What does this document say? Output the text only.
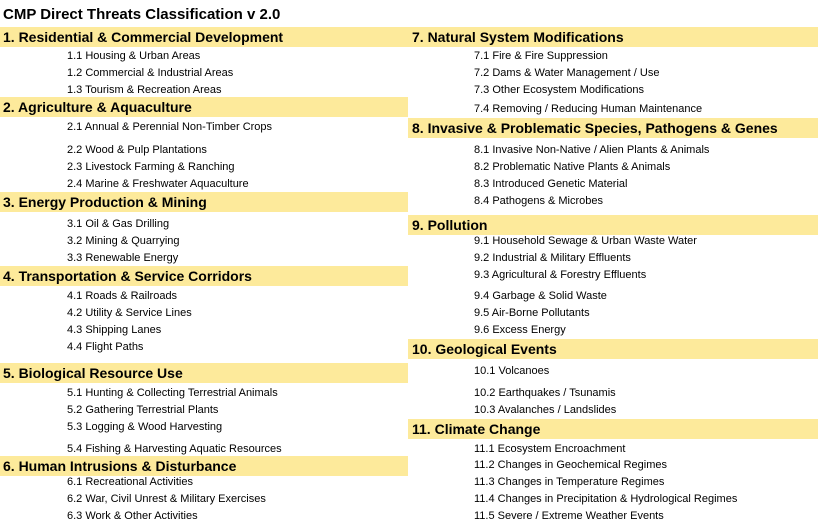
CMP Direct Threats Classification v 2.0
1. Residential & Commercial Development
1.1 Housing & Urban Areas
1.2 Commercial & Industrial Areas
1.3 Tourism & Recreation Areas
2. Agriculture & Aquaculture
2.1 Annual & Perennial Non-Timber Crops
2.2 Wood & Pulp Plantations
2.3 Livestock Farming & Ranching
2.4 Marine & Freshwater Aquaculture
3. Energy Production & Mining
3.1 Oil & Gas Drilling
3.2 Mining & Quarrying
3.3 Renewable Energy
4. Transportation & Service Corridors
4.1 Roads & Railroads
4.2 Utility & Service Lines
4.3 Shipping Lanes
4.4 Flight Paths
5. Biological Resource Use
5.1 Hunting & Collecting Terrestrial Animals
5.2 Gathering Terrestrial Plants
5.3 Logging & Wood Harvesting
5.4 Fishing & Harvesting Aquatic Resources
6. Human Intrusions & Disturbance
6.1 Recreational Activities
6.2 War, Civil Unrest & Military Exercises
6.3 Work & Other Activities
7. Natural System Modifications
7.1 Fire & Fire Suppression
7.2 Dams & Water Management / Use
7.3 Other Ecosystem Modifications
7.4 Removing / Reducing Human Maintenance
8. Invasive & Problematic Species, Pathogens & Genes
8.1 Invasive Non-Native / Alien Plants & Animals
8.2 Problematic Native Plants & Animals
8.3 Introduced Genetic Material
8.4 Pathogens & Microbes
9. Pollution
9.1 Household Sewage & Urban Waste Water
9.2 Industrial & Military Effluents
9.3 Agricultural & Forestry Effluents
9.4 Garbage & Solid Waste
9.5 Air-Borne Pollutants
9.6 Excess Energy
10. Geological Events
10.1 Volcanoes
10.2 Earthquakes / Tsunamis
10.3 Avalanches / Landslides
11. Climate Change
11.1 Ecosystem Encroachment
11.2 Changes in Geochemical Regimes
11.3 Changes in Temperature Regimes
11.4 Changes in Precipitation & Hydrological Regimes
11.5 Severe / Extreme Weather Events
